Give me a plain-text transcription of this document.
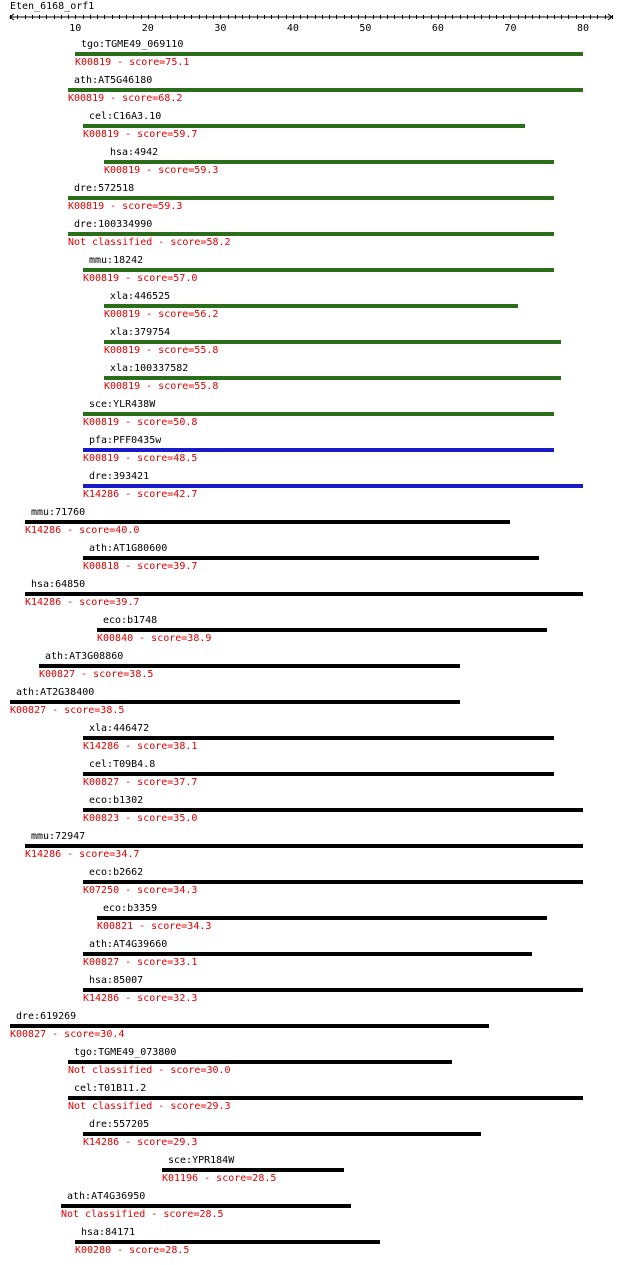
Eten_6168_orf1
10	20	30	40	50	60	70	80
tgo:TGME49_069110
K00819 - score=75.1
ath:AT5G46180
K00819 - score=68.2
cel:C16A3.10
K00819 - score=59.7
hsa:4942
K00819 - score=59.3
dre:572518
K00819 - score=59.3
dre:100334990
Not classified - score=58.2
mmu:18242
K00819 - score=57.0
xla:446525
K00819 - score=56.2
xla:379754
K00819 - score=55.8
xla:100337582
K00819 - score=55.8
sce:YLR438W
K00819 - score=50.8
pfa:PFF0435w
K00819 - score=48.5
dre:393421
K14286 - score=42.7
mmu:71760
K14286 - score=40.0
ath:AT1G80600
K00818 - score=39.7
hsa:64850
K14286 - score=39.7
eco:b1748
K00840 - score=38.9
ath:AT3G08860
K00827 - score=38.5
ath:AT2G38400
K00827 - score=38.5
xla:446472
K14286 - score=38.1
cel:T09B4.8
K00827 - score=37.7
eco:b1302
K00823 - score=35.0
mmu:72947
K14286 - score=34.7
eco:b2662
K07250 - score=34.3
eco:b3359
K00821 - score=34.3
ath:AT4G39660
K00827 - score=33.1
hsa:85007
K14286 - score=32.3
dre:619269
K00827 - score=30.4
tgo:TGME49_073800
Not classified - score=30.0
cel:T01B11.2
Not classified - score=29.3
dre:557205
K14286 - score=29.3
sce:YPR184W
K01196 - score=28.5
ath:AT4G36950
Not classified - score=28.5
hsa:84171
K00280 - score=28.5
